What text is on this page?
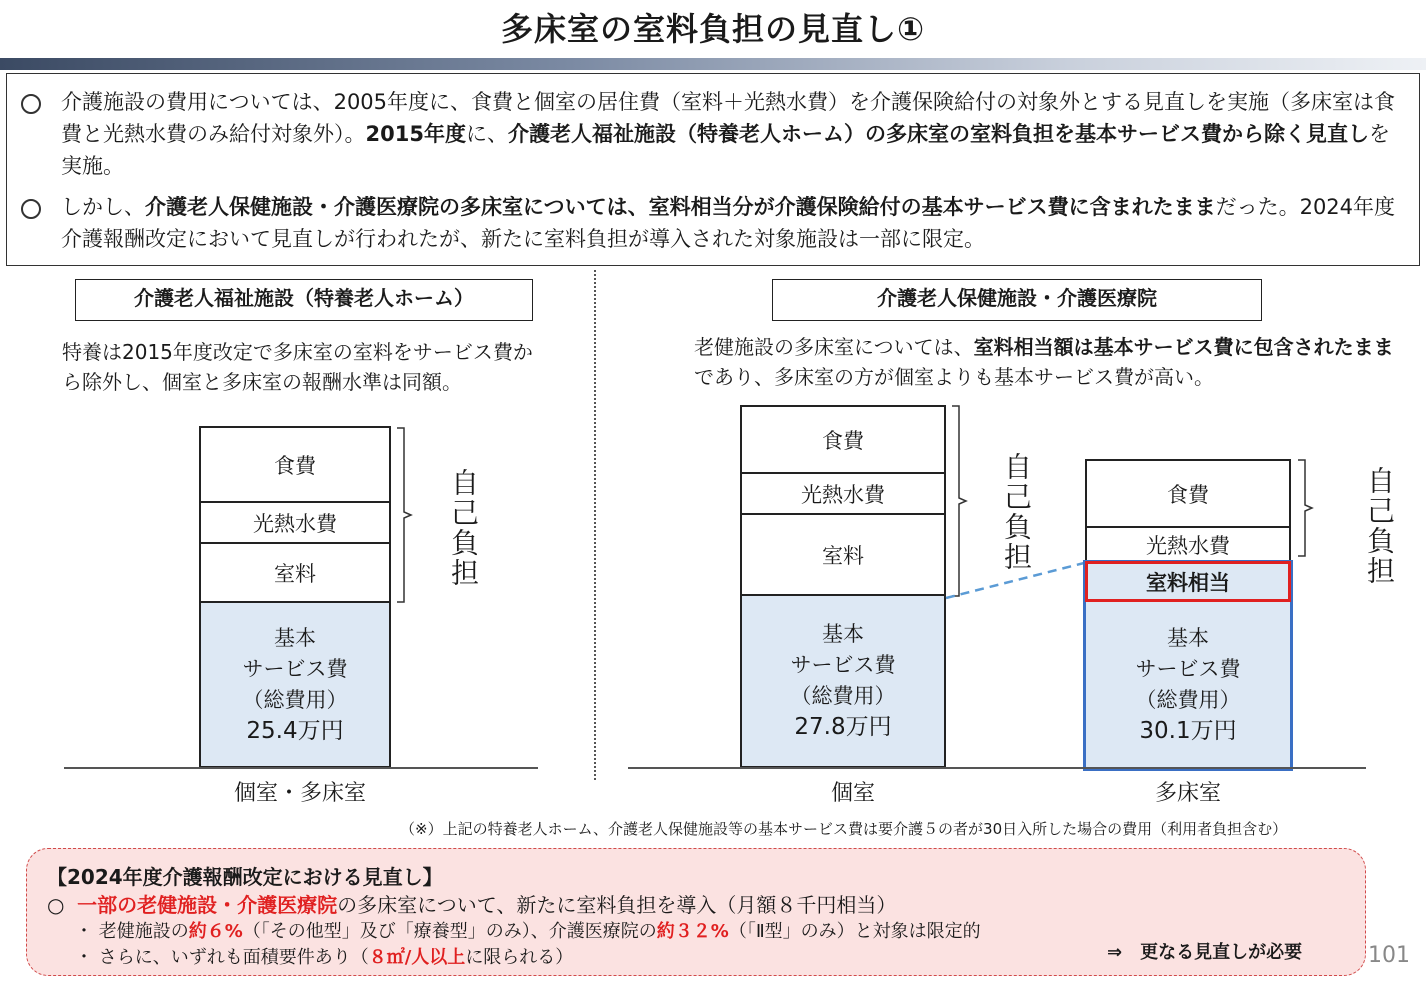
多床室の室料負担の見直し①
介護施設の費用については、2005年度に、食費と個室の居住費（室料＋光熱水費）を介護保険給付の対象外とする見直しを実施（多床室は食費と光熱水費のみ給付対象外）。2015年度に、介護老人福祉施設（特養老人ホーム）の多床室の室料負担を基本サービス費から除く見直しを実施。
しかし、介護老人保健施設・介護医療院の多床室については、室料相当分が介護保険給付の基本サービス費に含まれたままだった。2024年度介護報酬改定において見直しが行われたが、新たに室料負担が導入された対象施設は一部に限定。
介護老人福祉施設（特養老人ホーム）
特養は2015年度改定で多床室の室料をサービス費から除外し、個室と多床室の報酬水準は同額。
食費
光熱水費
室料
基本
サービス費
（総費用）
25.4万円
自己負担
個室・多床室
介護老人保健施設・介護医療院
老健施設の多床室については、室料相当額は基本サービス費に包含されたままであり、多床室の方が個室よりも基本サービス費が高い。
食費
光熱水費
室料
基本
サービス費
（総費用）
27.8万円
自己負担	食費
光熱水費
室料相当
基本
サービス費
（総費用）
30.1万円
自己負担
個室	多床室
（※）上記の特養老人ホーム、介護老人保健施設等の基本サービス費は要介護５の者が30日入所した場合の費用（利用者負担含む）
【2024年度介護報酬改定における見直し】
○ 一部の老健施設・介護医療院の多床室について、新たに室料負担を導入（月額８千円相当）
・ 老健施設の約６%（「その他型」及び「療養型」のみ）、介護医療院の約３２%（「Ⅱ型」のみ）と対象は限定的
・ さらに、いずれも面積要件あり（８㎡/人以上に限られる）	⇒　更なる見直しが必要	101
